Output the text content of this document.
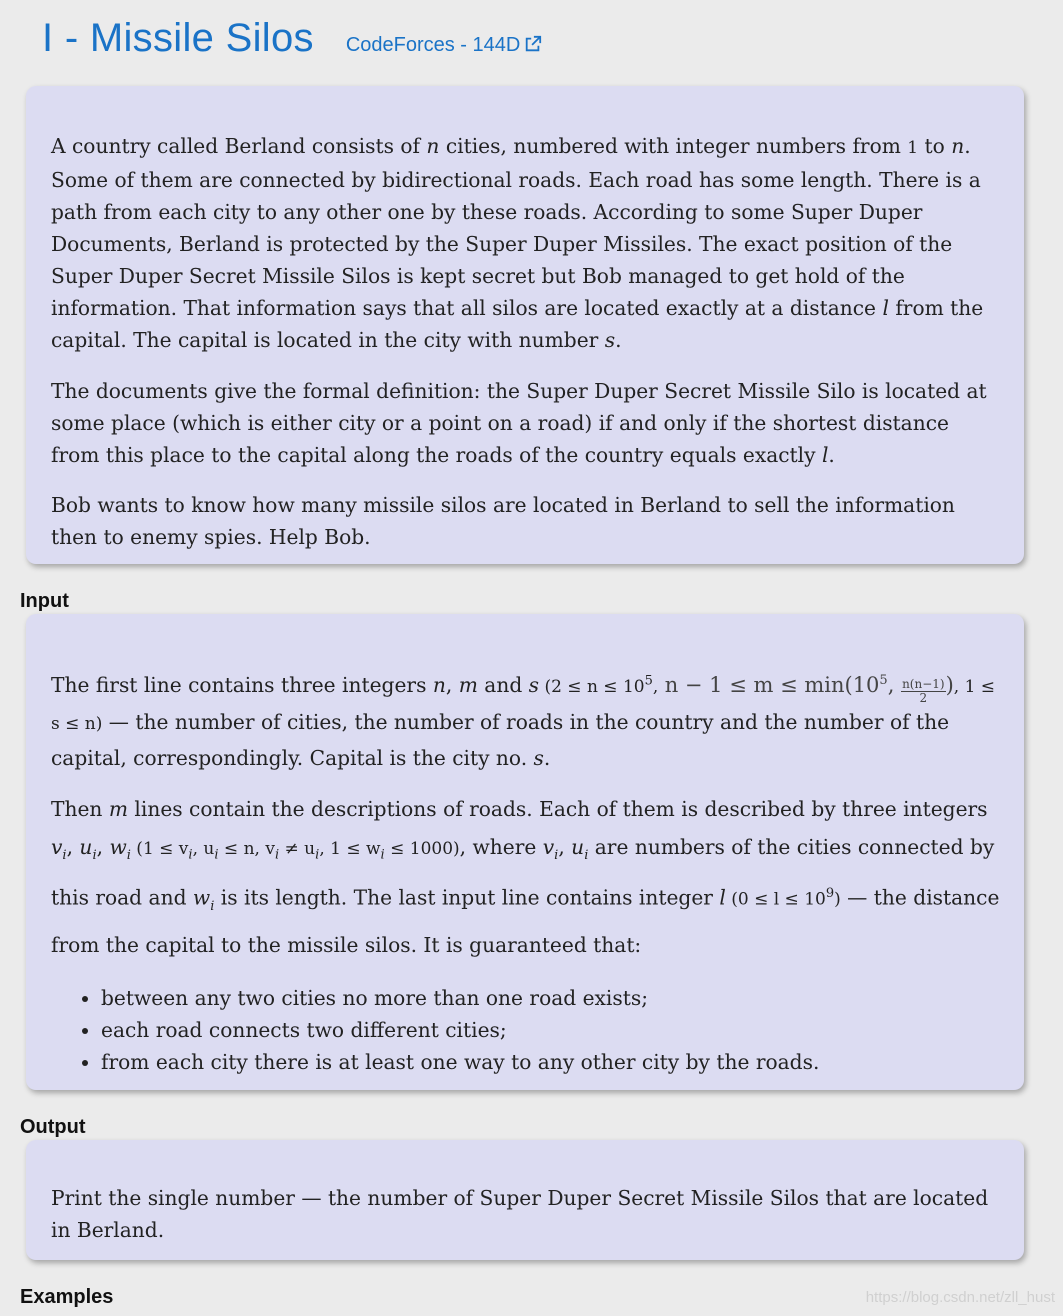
I - Missile Silos CodeForces - 144D

A country called Berland consists of n cities, numbered with integer numbers from 1 to n. Some of them are connected by bidirectional roads. Each road has some length. There is a path from each city to any other one by these roads. According to some Super Duper Documents, Berland is protected by the Super Duper Missiles. The exact position of the Super Duper Secret Missile Silos is kept secret but Bob managed to get hold of the information. That information says that all silos are located exactly at a distance l from the capital. The capital is located in the city with number s.

The documents give the formal definition: the Super Duper Secret Missile Silo is located at some place (which is either city or a point on a road) if and only if the shortest distance from this place to the capital along the roads of the country equals exactly l.

Bob wants to know how many missile silos are located in Berland to sell the information then to enemy spies. Help Bob.

Input

The first line contains three integers n, m and s ($2 \le n \le 10^5$, $n - 1 \le m \le \min(10^5$, $\frac{n(n-1)}{2}$ ), 1 ≤ s ≤ n) — the number of cities, the number of roads in the country and the number of the capital, correspondingly. Capital is the city no. s.

Then m lines contain the descriptions of roads. Each of them is described by three integers $v_i$, $u_i$, $w_i$ ($1 \le v_i$, $u_i \le n$, $v_i \ne u_i$, $1 \le w_i \le 1000$), where $v_i$, $u_i$ are numbers of the cities connected by this road and $w_i$ is its length. The last input line contains integer l $(0 \le l \le 10^9)$ — the distance from the capital to the missile silos. It is guaranteed that:

• between any two cities no more than one road exists;
• each road connects two different cities;
• from each city there is at least one way to any other city by the roads.
Output

Print the single number — the number of Super Duper Secret Missile Silos that are located in Berland.

Examples	https://blog.csdn.net/zll_hust
